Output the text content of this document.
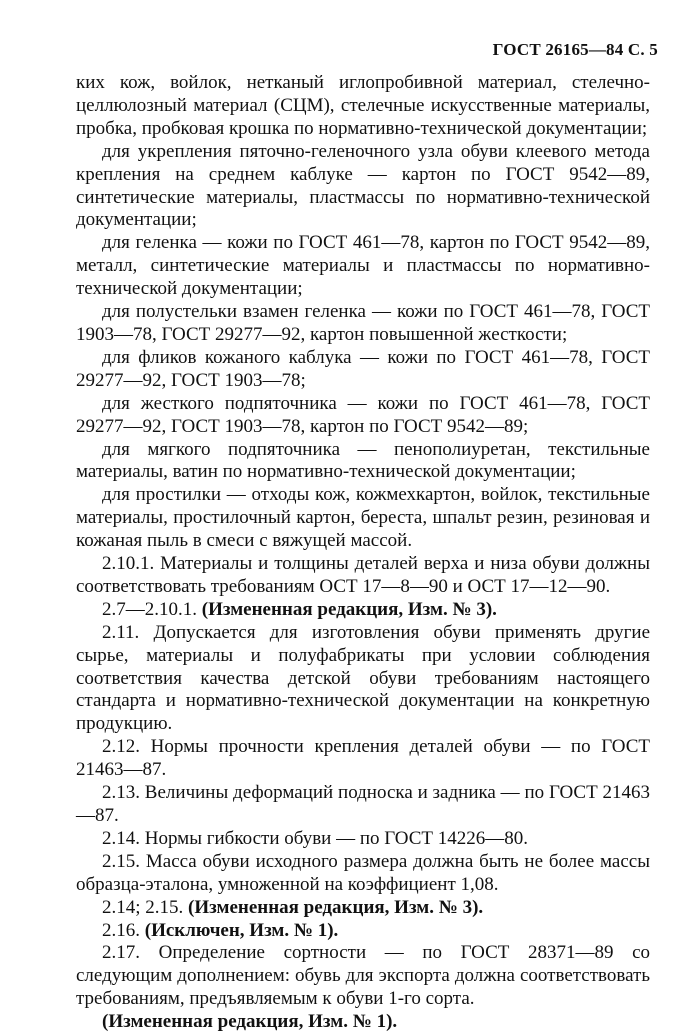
ГОСТ 26165—84 С. 5

ких кож, войлок, нетканый иглопробивной материал, стелечно-целлюлозный материал (СЦМ), стелечные искусственные материалы, пробка, пробковая крошка по нормативно-технической документации;

для укрепления пяточно-геленочного узла обуви клеевого метода крепления на среднем каблуке — картон по ГОСТ 9542—89, синтетические материалы, пластмассы по нормативно-технической документации;

для геленка — кожи по ГОСТ 461—78, картон по ГОСТ 9542—89, металл, синтетические материалы и пластмассы по нормативно-технической документации;

для полустельки взамен геленка — кожи по ГОСТ 461—78, ГОСТ 1903—78, ГОСТ 29277—92, картон повышенной жесткости;

для фликов кожаного каблука — кожи по ГОСТ 461—78, ГОСТ 29277—92, ГОСТ 1903—78;

для жесткого подпяточника — кожи по ГОСТ 461—78, ГОСТ 29277—92, ГОСТ 1903—78, картон по ГОСТ 9542—89;

для мягкого подпяточника — пенополиуретан, текстильные материалы, ватин по нормативно-технической документации;

для простилки — отходы кож, кожмехкартон, войлок, текстильные материалы, простилочный картон, береста, шпальт резин, резиновая и кожаная пыль в смеси с вяжущей массой.

2.10.1. Материалы и толщины деталей верха и низа обуви должны соответствовать требованиям ОСТ 17—8—90 и ОСТ 17—12—90.

2.7—2.10.1. (Измененная редакция, Изм. № 3).

2.11. Допускается для изготовления обуви применять другие сырье, материалы и полуфабрикаты при условии соблюдения соответствия качества детской обуви требованиям настоящего стандарта и нормативно-технической документации на конкретную продукцию.

2.12. Нормы прочности крепления деталей обуви — по ГОСТ 21463—87.

2.13. Величины деформаций подноска и задника — по ГОСТ 21463—87.

2.14. Нормы гибкости обуви — по ГОСТ 14226—80.

2.15. Масса обуви исходного размера должна быть не более массы образца-эталона, умноженной на коэффициент 1,08.

2.14; 2.15. (Измененная редакция, Изм. № 3).

2.16. (Исключен, Изм. № 1).

2.17. Определение сортности — по ГОСТ 28371—89 со следующим дополнением: обувь для экспорта должна соответствовать требованиям, предъявляемым к обуви 1-го сорта.

(Измененная редакция, Изм. № 1).
